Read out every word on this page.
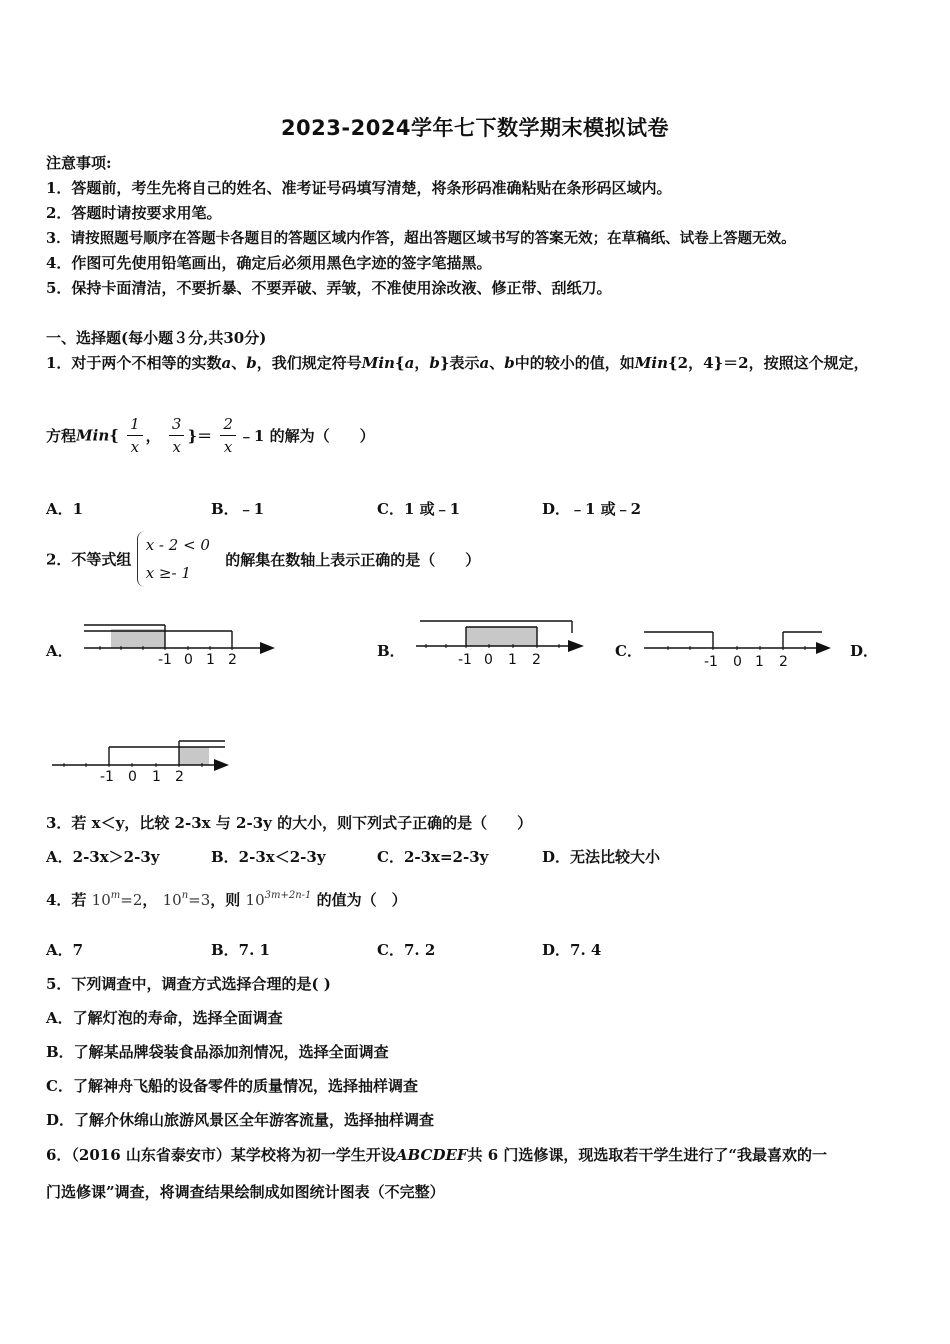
2023-2024学年七下数学期末模拟试卷
注意事项:
1．答题前，考生先将自己的姓名、准考证号码填写清楚，将条形码准确粘贴在条形码区域内。
2．答题时请按要求用笔。
3．请按照题号顺序在答题卡各题目的答题区域内作答，超出答题区域书写的答案无效；在草稿纸、试卷上答题无效。
4．作图可先使用铅笔画出，确定后必须用黑色字迹的签字笔描黑。
5．保持卡面清洁，不要折暴、不要弄破、弄皱，不准使用涂改液、修正带、刮纸刀。
一、选择题(每小题３分,共30分)
1．对于两个不相等的实数a、b，我们规定符号Min{a，b}表示a、b中的较小的值，如Min{2，4}＝2，按照这个规定，
方程$Min\{ \frac{1}{x}$ ， $\frac{3}{x}$ }＝ $\frac{2}{x}$ ﹣1 的解为（　　）
A．1	B．﹣1	C．1 或﹣1	D．﹣1 或﹣2
2．不等式组
x - 2 < 0
x ≥- 1
的解集在数轴上表示正确的是（　　）
A．	B．	C．	D．
-1 0 1 2	-1 0 1 2	-1 0 1 2
-1 0 1 2
3．若 x＜y，比较 2-3x 与 2-3y 的大小，则下列式子正确的是（　　）
A．2-3x＞2-3y	B．2-3x＜2-3y	C．2-3x=2-3y	D．无法比较大小
4．若 $10^m=2$， $10^n=3$，则 $10^{3m+2n-1}$ 的值为（　）
A．7	B．7. 1	C．7. 2	D．7. 4
5．下列调查中，调查方式选择合理的是( )
A．了解灯泡的寿命，选择全面调查
B．了解某品牌袋装食品添加剂情况，选择全面调查
C．了解神舟飞船的设备零件的质量情况，选择抽样调查
D．了解介休绵山旅游风景区全年游客流量，选择抽样调查
6．（2016 山东省泰安市）某学校将为初一学生开设ABCDEF共 6 门选修课，现选取若干学生进行了“我最喜欢的一
门选修课”调查，将调查结果绘制成如图统计图表（不完整）
